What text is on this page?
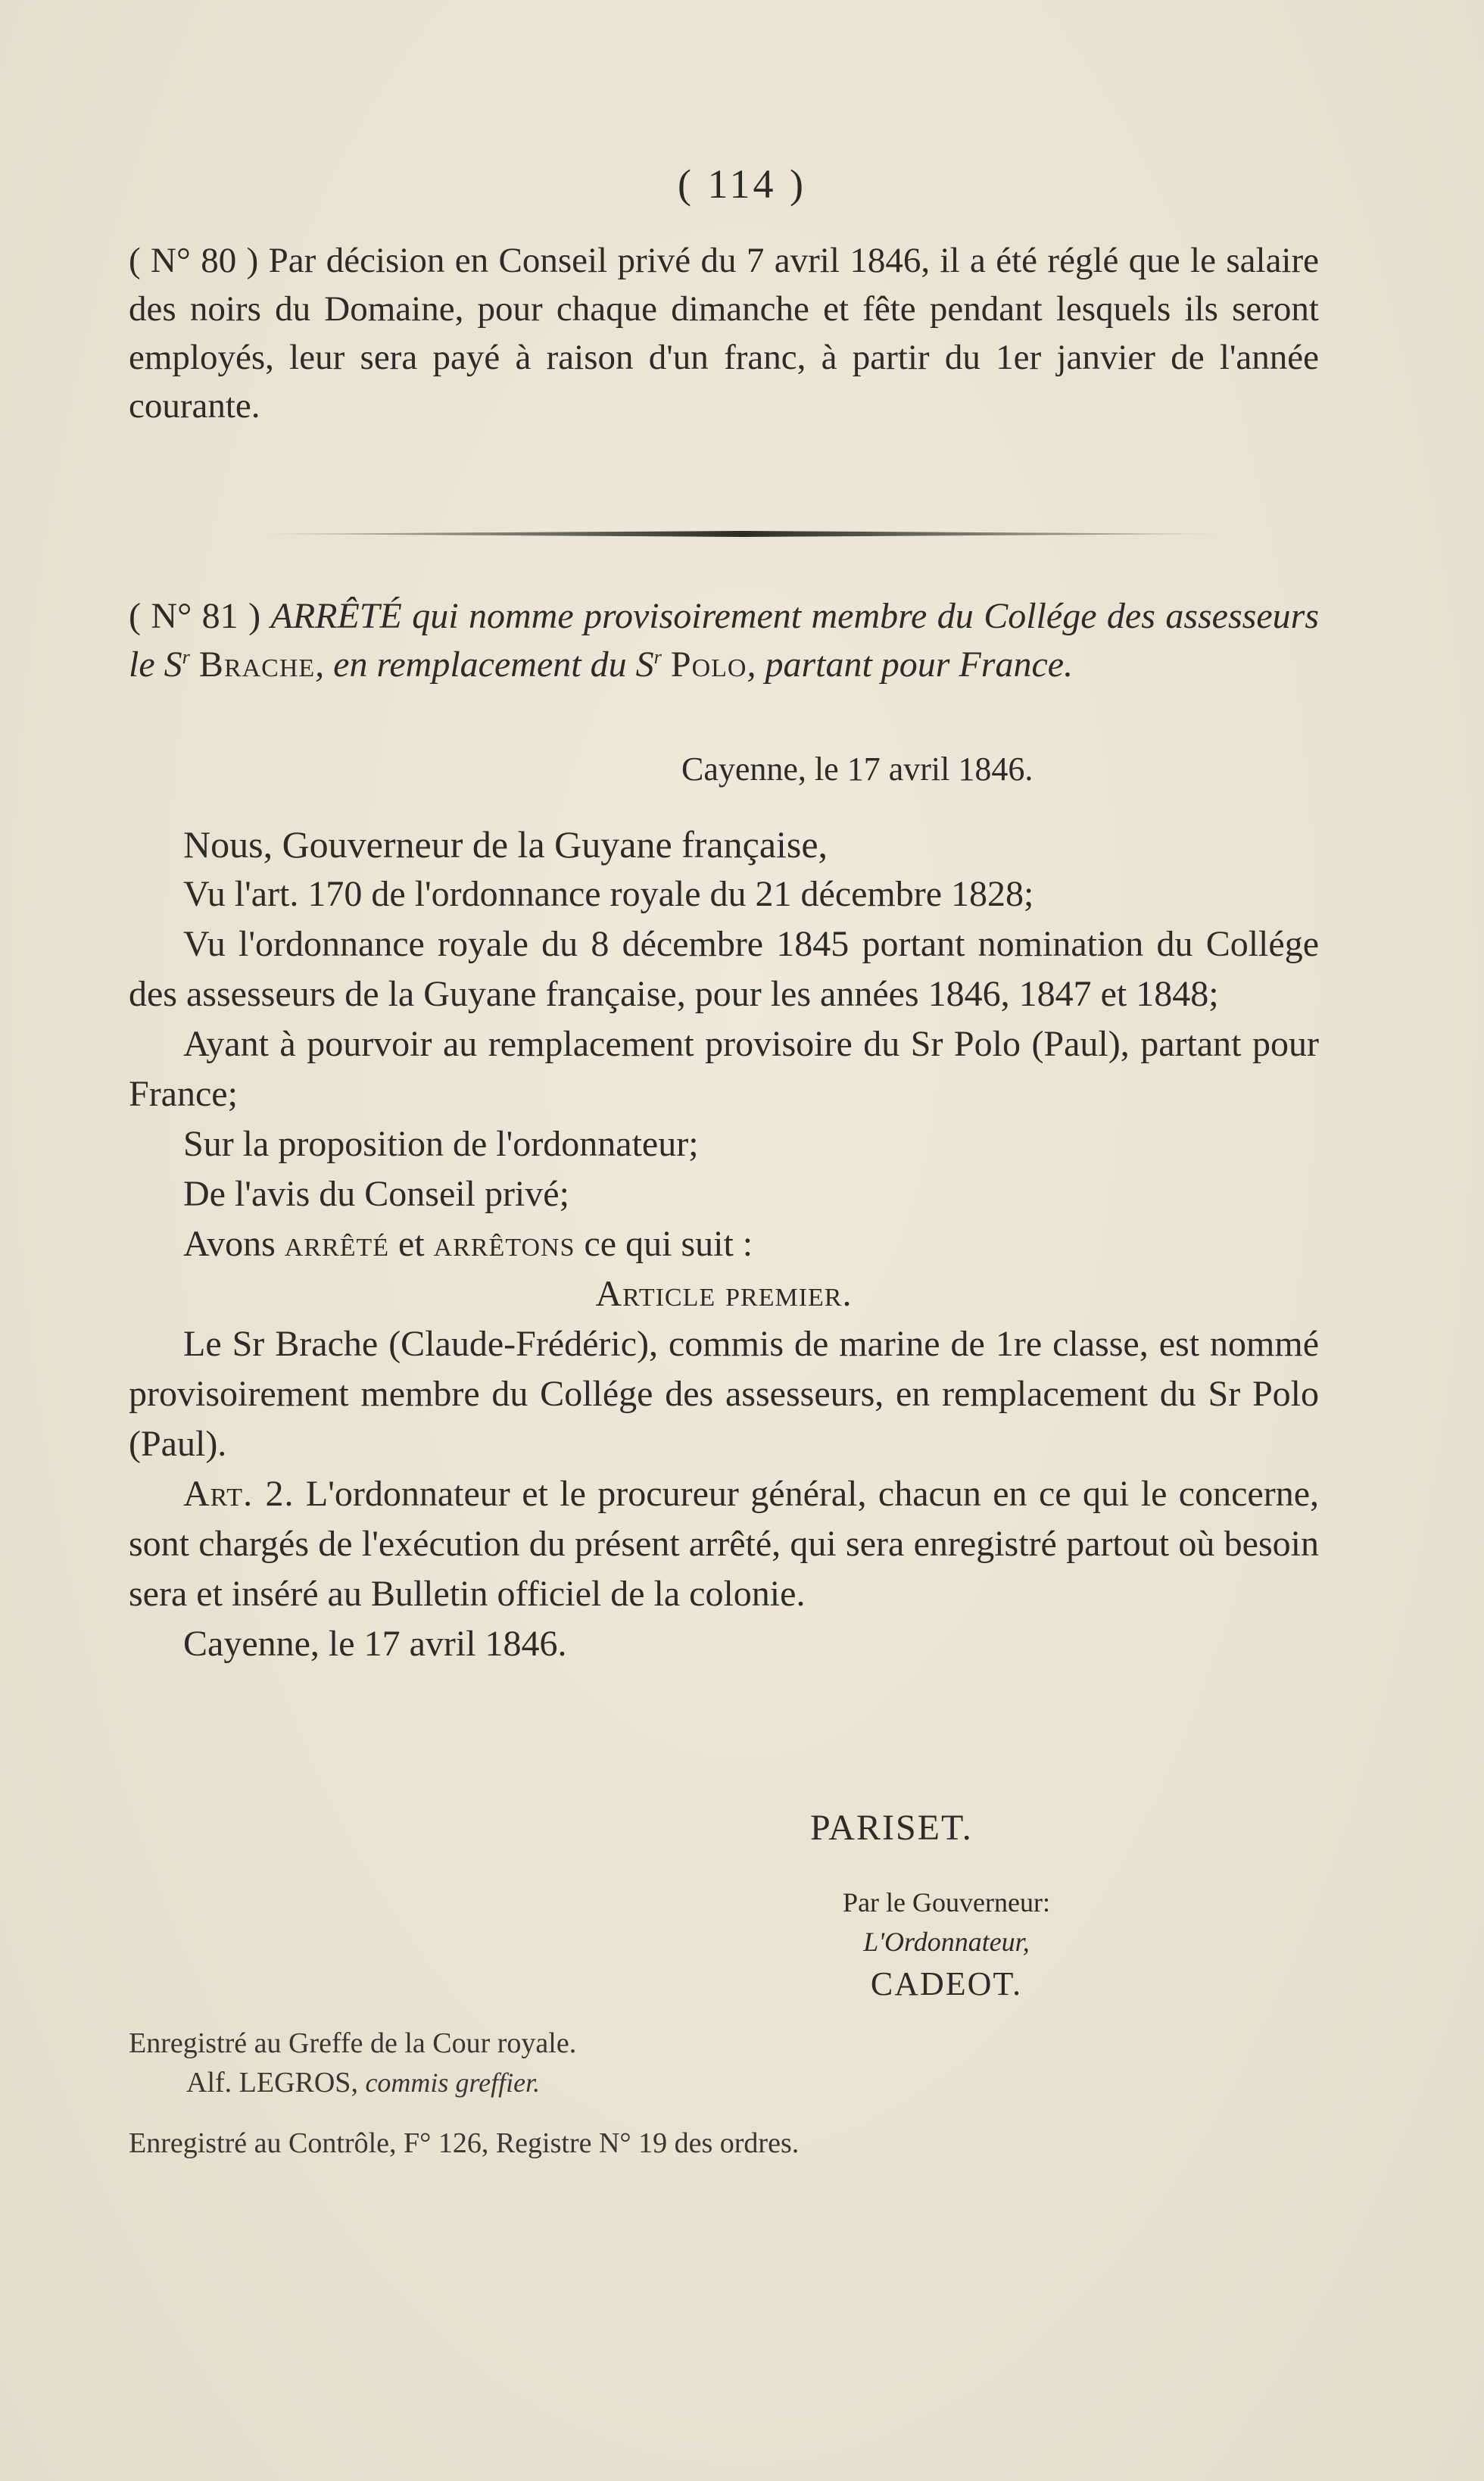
( 114 )

( N° 80 ) Par décision en Conseil privé du 7 avril 1846, il a été réglé que le salaire des noirs du Domaine, pour chaque dimanche et fête pendant lesquels ils seront employés, leur sera payé à raison d'un franc, à partir du 1er janvier de l'année courante.

( N° 81 ) ARRÊTÉ qui nomme provisoirement membre du Collége des assesseurs le $S^r$ Brache, en remplacement du $S^r$ Polo, partant pour France.

Cayenne, le 17 avril 1846.

Nous, Gouverneur de la Guyane française,

Vu l'art. 170 de l'ordonnance royale du 21 décembre 1828;

Vu l'ordonnance royale du 8 décembre 1845 portant nomination du Collége des assesseurs de la Guyane française, pour les années 1846, 1847 et 1848;

Ayant à pourvoir au remplacement provisoire du Sr Polo (Paul), partant pour France;

Sur la proposition de l'ordonnateur;

De l'avis du Conseil privé;

Avons arrêté et arrêtons ce qui suit :

Article premier.

Le Sr Brache (Claude-Frédéric), commis de marine de 1re classe, est nommé provisoirement membre du Collége des assesseurs, en remplacement du Sr Polo (Paul).

Art. 2. L'ordonnateur et le procureur général, chacun en ce qui le concerne, sont chargés de l'exécution du présent arrêté, qui sera enregistré partout où besoin sera et inséré au Bulletin officiel de la colonie.

Cayenne, le 17 avril 1846.

PARISET.
Par le Gouverneur:
L'Ordonnateur,
CADEOT.
Enregistré au Greffe de la Cour royale.
Alf. LEGROS, commis greffier.
Enregistré au Contrôle, F° 126, Registre N° 19 des ordres.
